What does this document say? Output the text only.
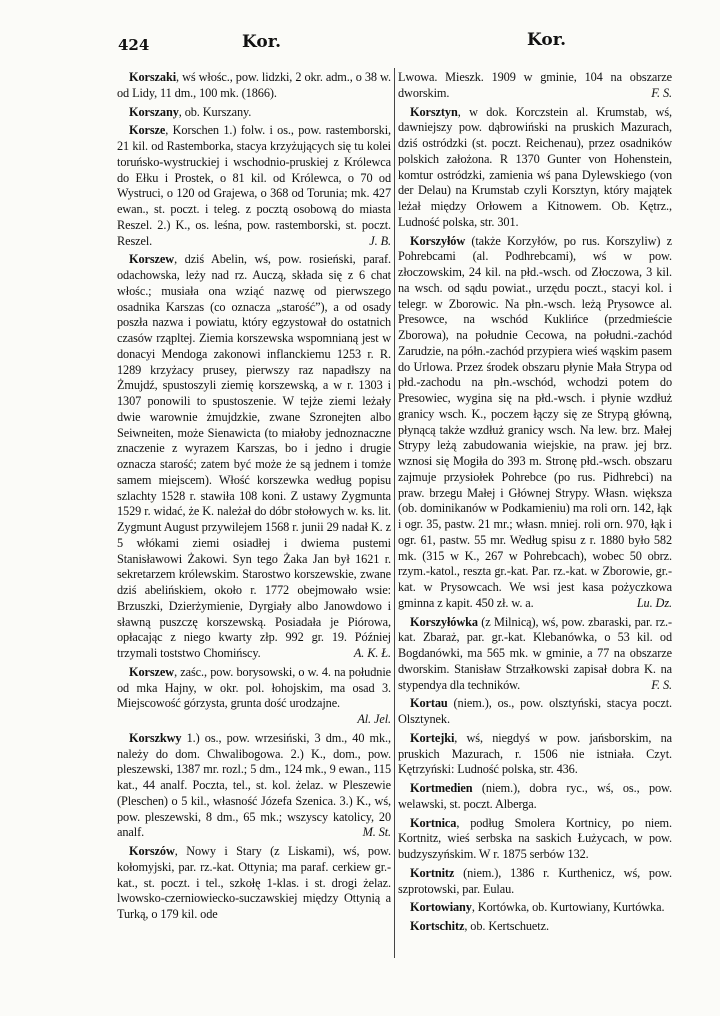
424	Kor.	Kor.

Korszaki, wś włośc., pow. lidzki, 2 okr. adm., o 38 w. od Lidy, 11 dm., 100 mk. (1866).

Korszany, ob. Kurszany.

Korsze, Korschen 1.) folw. i os., pow. rastemborski, 21 kil. od Rastemborka, stacya krzyżujących się tu kolei toruńsko-wystruckiej i wschodnio-pruskiej z Królewca do Ełku i Prostek, o 81 kil. od Królewca, o 70 od Wystruci, o 120 od Grajewa, o 368 od Torunia; mk. 427 ewan., st. poczt. i teleg. z pocztą osobową do miasta Reszel. 2.) K., os. leśna, pow. rastemborski, st. poczt. Reszel.	J. B.

Korszew, dziś Abelin, wś, pow. rosieński, paraf. odachowska, leży nad rz. Auczą, składa się z 6 chat włośc.; musiała ona wziąć nazwę od pierwszego osadnika Karszas (co oznacza „starość”), a od osady poszła nazwa i powiatu, który egzystował do ostatnich czasów rząpltej. Ziemia korszewska wspomnianą jest w donacyi Mendoga zakonowi inflanckiemu 1253 r. R. 1289 krzyżacy prusey, pierwszy raz napadłszy na Żmujdź, spustoszyli ziemię korszewską, a w r. 1303 i 1307 ponowili to spustoszenie. W tejże ziemi leżały dwie warownie żmujdzkie, zwane Szronejten albo Seiwneiten, może Sienawicta (to miałoby jednoznaczne znaczenie z wyrazem Karszas, bo i jedno i drugie oznacza starość; zatem być może że są jednem i tomże samem miejscem). Włość korszewka według popisu szlachty 1528 r. stawiła 108 koni. Z ustawy Zygmunta 1529 r. widać, że K. należał do dóbr stołowych w. ks. lit. Zygmunt August przywilejem 1568 r. junii 29 nadał K. z 5 włókami ziemi osiadłej i dwiema pustemi Stanisławowi Żakowi. Syn tego Żaka Jan był 1621 r. sekretarzem królewskim. Starostwo korszewskie, zwane dziś abelińskiem, około r. 1772 obejmowało wsie: Brzuszki, Dzierżymienie, Dyrgiały albo Janowdowo i sławną puszczę korszewską. Posiadała je Piórowa, opłacając z niego kwarty złp. 992 gr. 19. Później trzymali toststwo Chomińscy.	A. K. Ł.

Korszew, zaśc., pow. borysowski, o w. 4. na południe od mka Hajny, w okr. pol. łohojskim, ma osad 3. Miejscowość górzysta, grunta dość urodzajne.
Al. Jel.

Korszkwy 1.) os., pow. wrzesiński, 3 dm., 40 mk., należy do dom. Chwalibogowa. 2.) K., dom., pow. pleszewski, 1387 mr. rozl.; 5 dm., 124 mk., 9 ewan., 115 kat., 44 analf. Poczta, tel., st. kol. żelaz. w Pleszewie (Pleschen) o 5 kil., własność Józefa Szenica. 3.) K., wś, pow. pleszewski, 8 dm., 65 mk.; wszyscy katolicy, 20 analf.	M. St.

Korszów, Nowy i Stary (z Liskami), wś, pow. kołomyjski, par. rz.-kat. Ottynia; ma paraf. cerkiew gr.-kat., st. poczt. i tel., szkołę 1-klas. i st. drogi żelaz. lwowsko-czerniowiecko-suczawskiej między Ottynią a Turką, o 179 kil. ode

Lwowa. Mieszk. 1909 w gminie, 104 na obszarze dworskim.	F. S.

Korsztyn, w dok. Korczstein al. Krumstab, wś, dawniejszy pow. dąbrowiński na pruskich Mazurach, dziś ostródzki (st. poczt. Reichenau), przez osadników polskich założona. R 1370 Gunter von Hohenstein, komtur ostródzki, zamienia wś pana Dylewskiego (von der Delau) na Krumstab czyli Korsztyn, który majątek leżał między Orłowem a Kitnowem. Ob. Kętrz., Ludność polska, str. 301.

Korszyłów (także Korzyłów, po rus. Korszyliw) z Pohrebcami (al. Podhrebcami), wś w pow. złoczowskim, 24 kil. na płd.-wsch. od Złoczowa, 3 kil. na wsch. od sądu powiat., urzędu poczt., stacyi kol. i telegr. w Zborowic. Na płn.-wsch. leżą Prysowce al. Presowce, na wschód Kuklińce (przedmieście Zborowa), na południe Cecowa, na południ.-zachód Zarudzie, na półn.-zachód przypiera wieś wąskim pasem do Urlowa. Przez środek obszaru płynie Mała Strypa od płd.-zachodu na płn.-wschód, wchodzi potem do Presowiec, wygina się na płd.-wsch. i płynie wzdłuż granicy wsch. K., poczem łączy się ze Strypą główną, płynącą także wzdłuż granicy wsch. Na lew. brz. Małej Strypy leżą zabudowania wiejskie, na praw. jej brz. wznosi się Mogiła do 393 m. Stronę płd.-wsch. obszaru zajmuje przysiołek Pohrebce (po rus. Pidhrebci) na praw. brzegu Małej i Głównej Strypy. Własn. większa (ob. dominikanów w Podkamieniu) ma roli orn. 142, łąk i ogr. 35, pastw. 21 mr.; własn. mniej. roli orn. 970, łąk i ogr. 61, pastw. 55 mr. Według spisu z r. 1880 było 582 mk. (315 w K., 267 w Pohrebcach), wobec 50 obrz. rzym.-katol., reszta gr.-kat. Par. rz.-kat. w Zborowie, gr.-kat. w Prysowcach. We wsi jest kasa pożyczkowa gminna z kapit. 450 zł. w. a.	Lu. Dz.

Korszyłówka (z Milnicą), wś, pow. zbaraski, par. rz.-kat. Zbaraż, par. gr.-kat. Klebanówka, o 53 kil. od Bogdanówki, ma 565 mk. w gminie, a 77 na obszarze dworskim. Stanisław Strzałkowski zapisał dobra K. na stypendya dla techników.	F. S.

Kortau (niem.), os., pow. olsztyński, stacya poczt. Olsztynek.

Kortejki, wś, niegdyś w pow. jańsborskim, na pruskich Mazurach, r. 1506 nie istniała. Czyt. Kętrzyński: Ludność polska, str. 436.

Kortmedien (niem.), dobra ryc., wś, os., pow. welawski, st. poczt. Alberga.

Kortnica, podług Smolera Kortnicy, po niem. Kortnitz, wieś serbska na saskich Łużycach, w pow. budzyszyńskim. W r. 1875 serbów 132.

Kortnitz (niem.), 1386 r. Kurthenicz, wś, pow. szprotowski, par. Eulau.

Kortowiany, Kortówka, ob. Kurtowiany, Kurtówka.

Kortschitz, ob. Kertschuetz.
